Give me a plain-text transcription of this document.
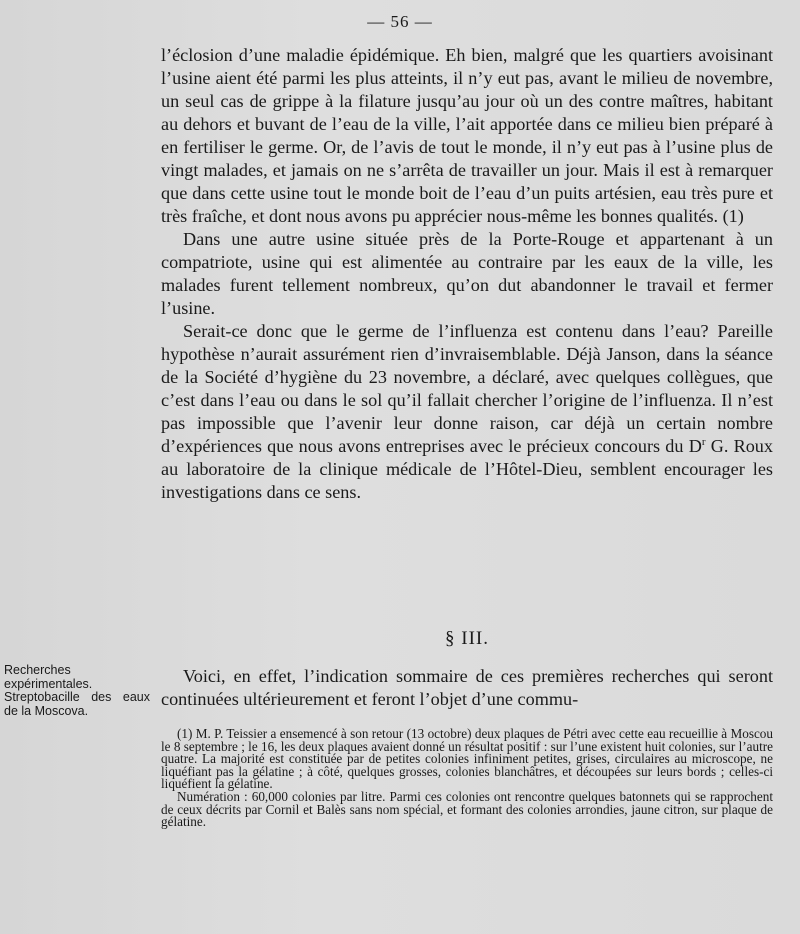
— 56 —

l’éclosion d’une maladie épidémique. Eh bien, malgré que les quartiers avoisinant l’usine aient été parmi les plus atteints, il n’y eut pas, avant le milieu de novembre, un seul cas de grippe à la filature jusqu’au jour où un des contre maîtres, habitant au dehors et buvant de l’eau de la ville, l’ait apportée dans ce milieu bien préparé à en fertiliser le germe. Or, de l’avis de tout le monde, il n’y eut pas à l’usine plus de vingt malades, et jamais on ne s’arrêta de travailler un jour. Mais il est à remarquer que dans cette usine tout le monde boit de l’eau d’un puits artésien, eau très pure et très fraîche, et dont nous avons pu apprécier nous-même les bonnes qualités. (1)

Dans une autre usine située près de la Porte-Rouge et appartenant à un compatriote, usine qui est alimentée au contraire par les eaux de la ville, les malades furent tellement nombreux, qu’on dut abandonner le travail et fermer l’usine.

Serait-ce donc que le germe de l’influenza est contenu dans l’eau? Pareille hypothèse n’aurait assurément rien d’invraisemblable. Déjà Janson, dans la séance de la Société d’hygiène du 23 novembre, a déclaré, avec quelques collègues, que c’est dans l’eau ou dans le sol qu’il fallait chercher l’origine de l’influenza. Il n’est pas impossible que l’avenir leur donne raison, car déjà un certain nombre d’expériences que nous avons entreprises avec le précieux concours du $D^r$ G. Roux au laboratoire de la clinique médicale de l’Hôtel-Dieu, semblent encourager les investigations dans ce sens.

§ III.
Recherches expérimentales. Streptobacille des eaux de la Moscova.
Voici, en effet, l’indication sommaire de ces premières recherches qui seront continuées ultérieurement et feront l’objet d’une commu-

(1) M. P. Teissier a ensemencé à son retour (13 octobre) deux plaques de Pétri avec cette eau recueillie à Moscou le 8 septembre ; le 16, les deux plaques avaient donné un résultat positif : sur l’une existent huit colonies, sur l’autre quatre. La majorité est constituée par de petites colonies infiniment petites, grises, circulaires au microscope, ne liquéfiant pas la gélatine ; à côté, quelques grosses, colonies blanchâtres, et découpées sur leurs bords ; celles-ci liquéfient la gélatine.

Numération : 60,000 colonies par litre. Parmi ces colonies ont rencontre quelques batonnets qui se rapprochent de ceux décrits par Cornil et Balès sans nom spécial, et formant des colonies arrondies, jaune citron, sur plaque de gélatine.
